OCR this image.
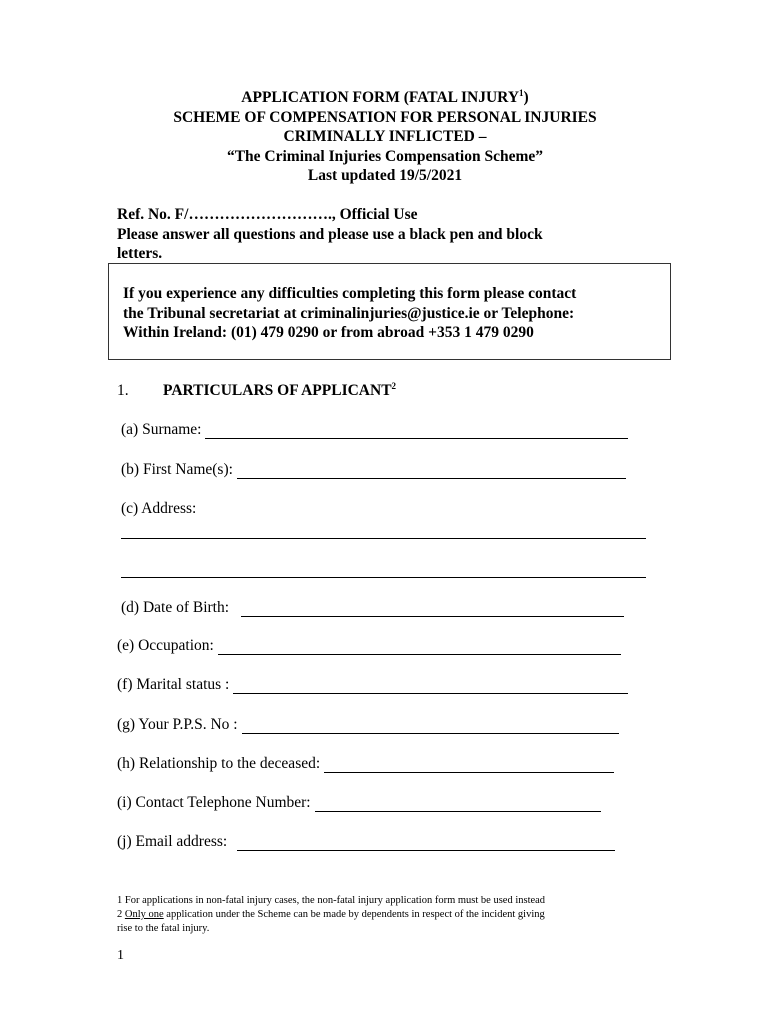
APPLICATION FORM (FATAL INJURY$^1$)
SCHEME OF COMPENSATION FOR PERSONAL INJURIES
CRIMINALLY INFLICTED –
“The Criminal Injuries Compensation Scheme”
Last updated 19/5/2021
Ref. No. F/………………………., Official Use
Please answer all questions and please use a black pen and block
letters.
If you experience any difficulties completing this form please contact
the Tribunal secretariat at criminalinjuries@justice.ie or Telephone:
Within Ireland: (01) 479 0290 or from abroad +353 1 479 0290
1. PARTICULARS OF APPLICANT$^2$
(a) Surname:
(b) First Name(s):
(c) Address:
(d) Date of Birth:
(e) Occupation:
(f) Marital status :
(g) Your P.P.S. No :
(h) Relationship to the deceased:
(i) Contact Telephone Number:
(j) Email address:
1 For applications in non-fatal injury cases, the non-fatal injury application form must be used instead
2 Only one application under the Scheme can be made by dependents in respect of the incident giving
rise to the fatal injury.
1
